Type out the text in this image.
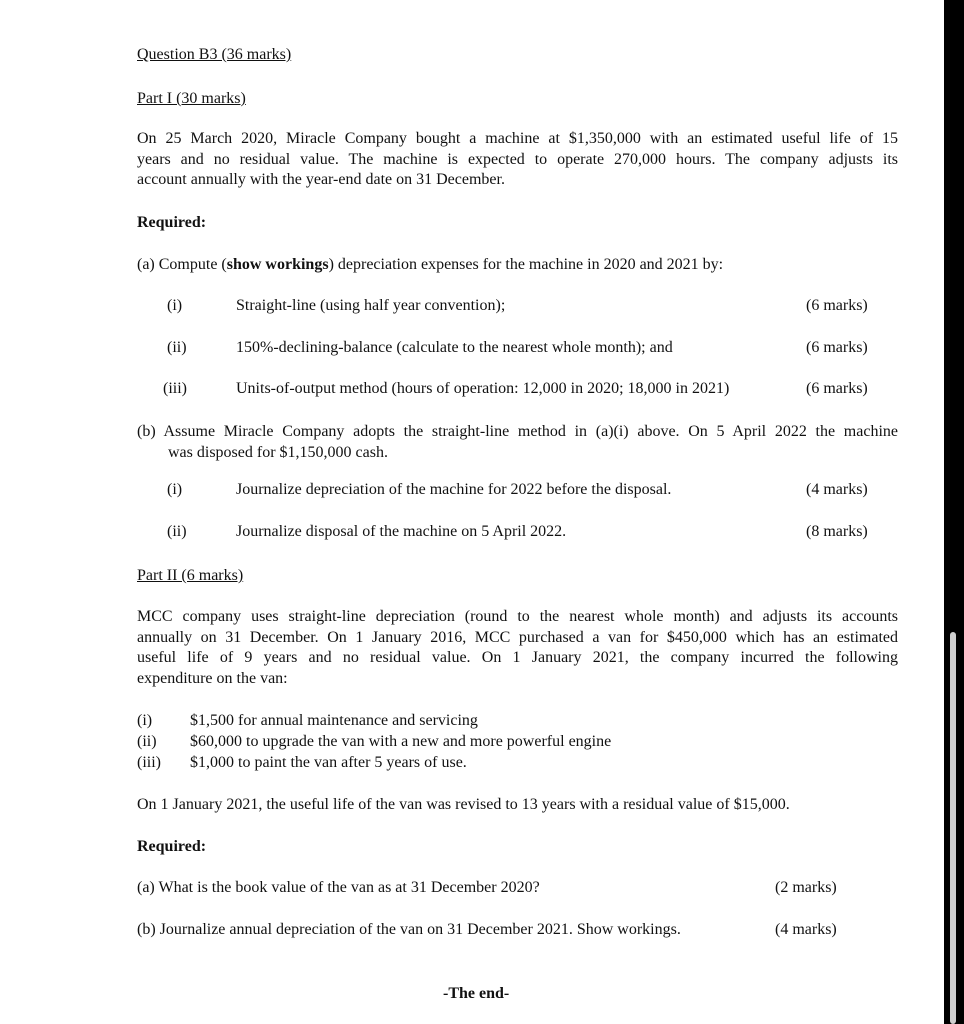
Question B3 (36 marks)
Part I (30 marks)
On 25 March 2020, Miracle Company bought a machine at $1,350,000 with an estimated useful life of 15
years and no residual value. The machine is expected to operate 270,000 hours. The company adjusts its
account annually with the year-end date on 31 December.
Required:
(a) Compute (show workings) depreciation expenses for the machine in 2020 and 2021 by:
(i)	Straight-line (using half year convention);	(6 marks)
(ii)	150%-declining-balance (calculate to the nearest whole month); and	(6 marks)
(iii)	Units-of-output method (hours of operation: 12,000 in 2020; 18,000 in 2021)	(6 marks)
(b) Assume Miracle Company adopts the straight-line method in (a)(i) above. On 5 April 2022 the machine
was disposed for $1,150,000 cash.
(i)	Journalize depreciation of the machine for 2022 before the disposal.	(4 marks)
(ii)	Journalize disposal of the machine on 5 April 2022.	(8 marks)
Part II (6 marks)
MCC company uses straight-line depreciation (round to the nearest whole month) and adjusts its accounts
annually on 31 December. On 1 January 2016, MCC purchased a van for $450,000 which has an estimated
useful life of 9 years and no residual value. On 1 January 2021, the company incurred the following
expenditure on the van:
(i) $1,500 for annual maintenance and servicing
(ii) $60,000 to upgrade the van with a new and more powerful engine
(iii) $1,000 to paint the van after 5 years of use.
On 1 January 2021, the useful life of the van was revised to 13 years with a residual value of $15,000.
Required:
(a) What is the book value of the van as at 31 December 2020?	(2 marks)
(b) Journalize annual depreciation of the van on 31 December 2021. Show workings.	(4 marks)
-The end-
